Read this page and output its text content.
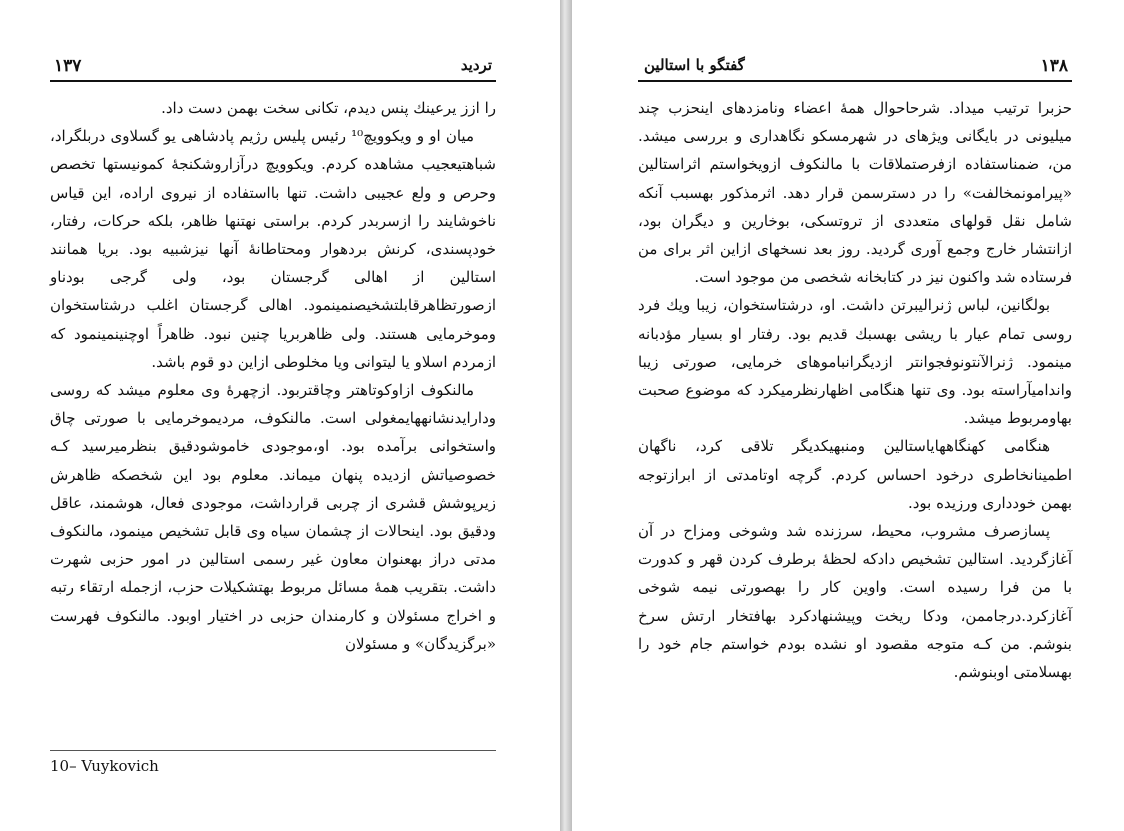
۱۳۷	تردید

را ازز یرعینك پنس دیدم، تکانی سخت بهمن دست داد.

میان او و ویکوویچ¹⁰ رئیس پلیس رژیم پادشاهی یو گسلاوی دربلگراد، شباهتیعجیب مشاهده کردم. ویکوویچ درآزاروشکنجهٔ کمونیستها تخصص وحرص و ولع عجیبی داشت. تنها بااستفاده از نیروی اراده، این قیاس ناخوشایند را ازسربدر کردم. براستی نهتنها ظاهر، بلکه حرکات، رفتار، خودپسندی، کرنش بردهوار ومحتاطانهٔ آنها نیزشبیه بود. بریا همانند استالین از اهالی گرجستان بود، ولی گرجی بودناو ازصورتظاهرقابلتشخیصنمینمود. اهالی گرجستان اغلب درشتاستخوان وموخرمایی هستند. ولی ظاهربریا چنین نبود. ظاهراً اوچنینمینمود که ازمردم اسلاو یا لیتوانی ویا مخلوطی ازاین دو قوم باشد.

مالنکوف ازاوکوتاهتر وچاقتربود. ازچهرهٔ وی معلوم میشد که روسی ودارایدنشانههایمغولی است. مالنکوف، مردیموخرمایی با صورتی چاق واستخوانی برآمده بود. او،موجودی خاموشودقیق بنظرمیرسید کـه خصوصیاتش ازدیده پنهان میماند. معلوم بود این شخصکه ظاهرش زیرپوشش قشری از چربی قرارداشت، موجودی فعال، هوشمند، عاقل ودقیق بود. اینحالات از چشمان سیاه وی قابل تشخیص مینمود، مالنکوف مدتی دراز بهعنوان معاون غیر رسمی استالین در امور حزبی شهرت داشت. بتقریب همهٔ مسائل مربوط بهتشکیلات حزب، ازجمله ارتقاء رتبه و اخراج مسئولان و کارمندان حزبی در اختیار اوبود. مالنکوف فهرست «برگزیدگان» و مسئولان

10– Vuykovich
گفتگو با استالین	۱۳۸

حزبرا ترتیب میداد. شرحاحوال همهٔ اعضاء ونامزدهای اینحزب چند میلیونی در بایگانی ویژهای در شهرمسکو نگاهداری و بررسی میشد. من، ضمناستفاده ازفرصتملاقات با مالنکوف ازویخواستم اثراستالین «پیرامونمخالفت» را در دسترسمن قرار دهد. اثرمذکور بهسبب آنکه شامل نقل قولهای متعددی از تروتسکی، بوخارین و دیگران بود، ازانتشار خارج وجمع آوری گردید. روز بعد نسخهای ازاین اثر برای من فرستاده شد واکنون نیز در کتابخانه شخصی من موجود است.

بولگانین، لباس ژنرالیبرتن داشت. او، درشتاستخوان، زیبا ویك فرد روسی تمام عیار با ریشی بهسبك قدیم بود. رفتار او بسیار مؤدبانه مینمود. ژنرالآنتونوفجوانتر ازدیگرانباموهای خرمایی، صورتی زیبا واندامیآراسته بود. وی تنها هنگامی اظهارنظرمیکرد که موضوع صحبت بهاومربوط میشد.

هنگامی کهنگاههایاستالین ومنبهیکدیگر تلاقی کرد، ناگهان اطمینانخاطری درخود احساس کردم. گرچه اوتامدتی از ابرازتوجه بهمن خودداری ورزیده بود.

پسازصرف مشروب، محیط، سرزنده شد وشوخی ومزاح در آن آغازگردید. استالین تشخیص دادکه لحظهٔ برطرف کردن قهر و کدورت با من فرا رسیده است. واوین کار را بهصورتی نیمه شوخی آغازکرد.درجاممن، ودکا ریخت وپیشنهادکرد بهافتخار ارتش سرخ بنوشم. من کـه متوجه مقصود او نشده بودم خواستم جام خود را بهسلامتی اوبنوشم.
